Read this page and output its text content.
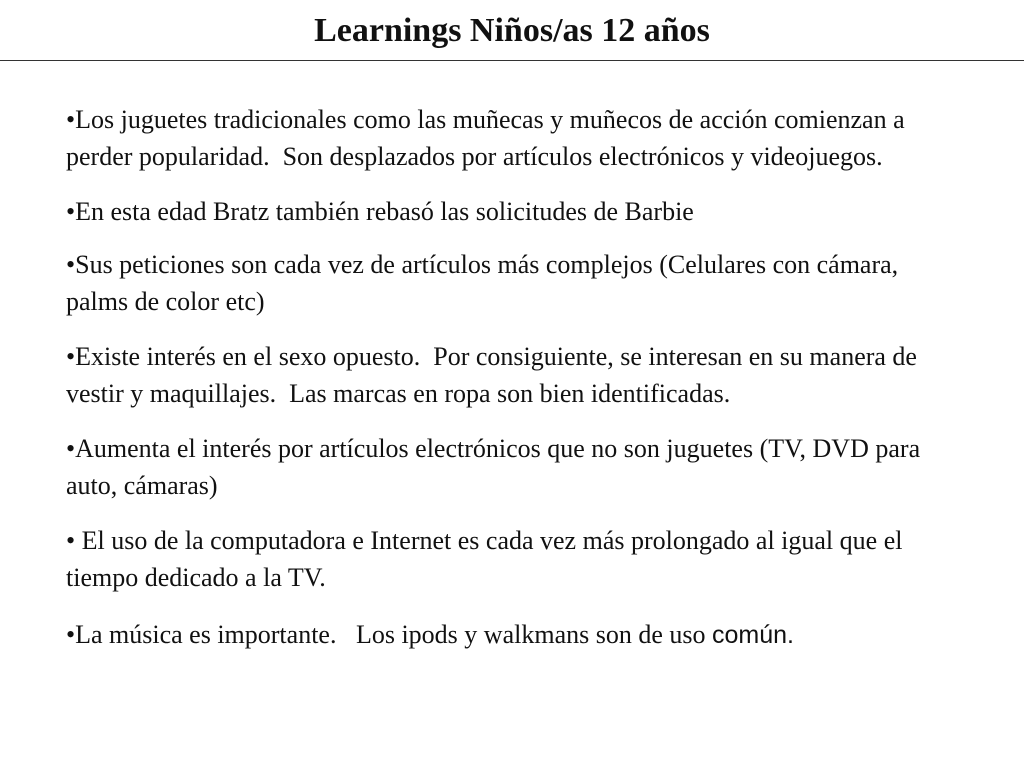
Learnings Niños/as 12 años
•Los juguetes tradicionales como las muñecas y muñecos de acción comienzan a perder popularidad.  Son desplazados por artículos electrónicos y videojuegos.
•En esta edad Bratz también rebasó las solicitudes de Barbie
•Sus peticiones son cada vez de artículos más complejos (Celulares con cámara, palms de color etc)
•Existe interés en el sexo opuesto.  Por consiguiente, se interesan en su manera de vestir y maquillajes.  Las marcas en ropa son bien identificadas.
•Aumenta el interés por artículos electrónicos que no son juguetes (TV, DVD para auto, cámaras)
• El uso de la computadora e Internet es cada vez más prolongado al igual que el tiempo dedicado a la TV.
•La música es importante.   Los ipods y walkmans son de uso común.
